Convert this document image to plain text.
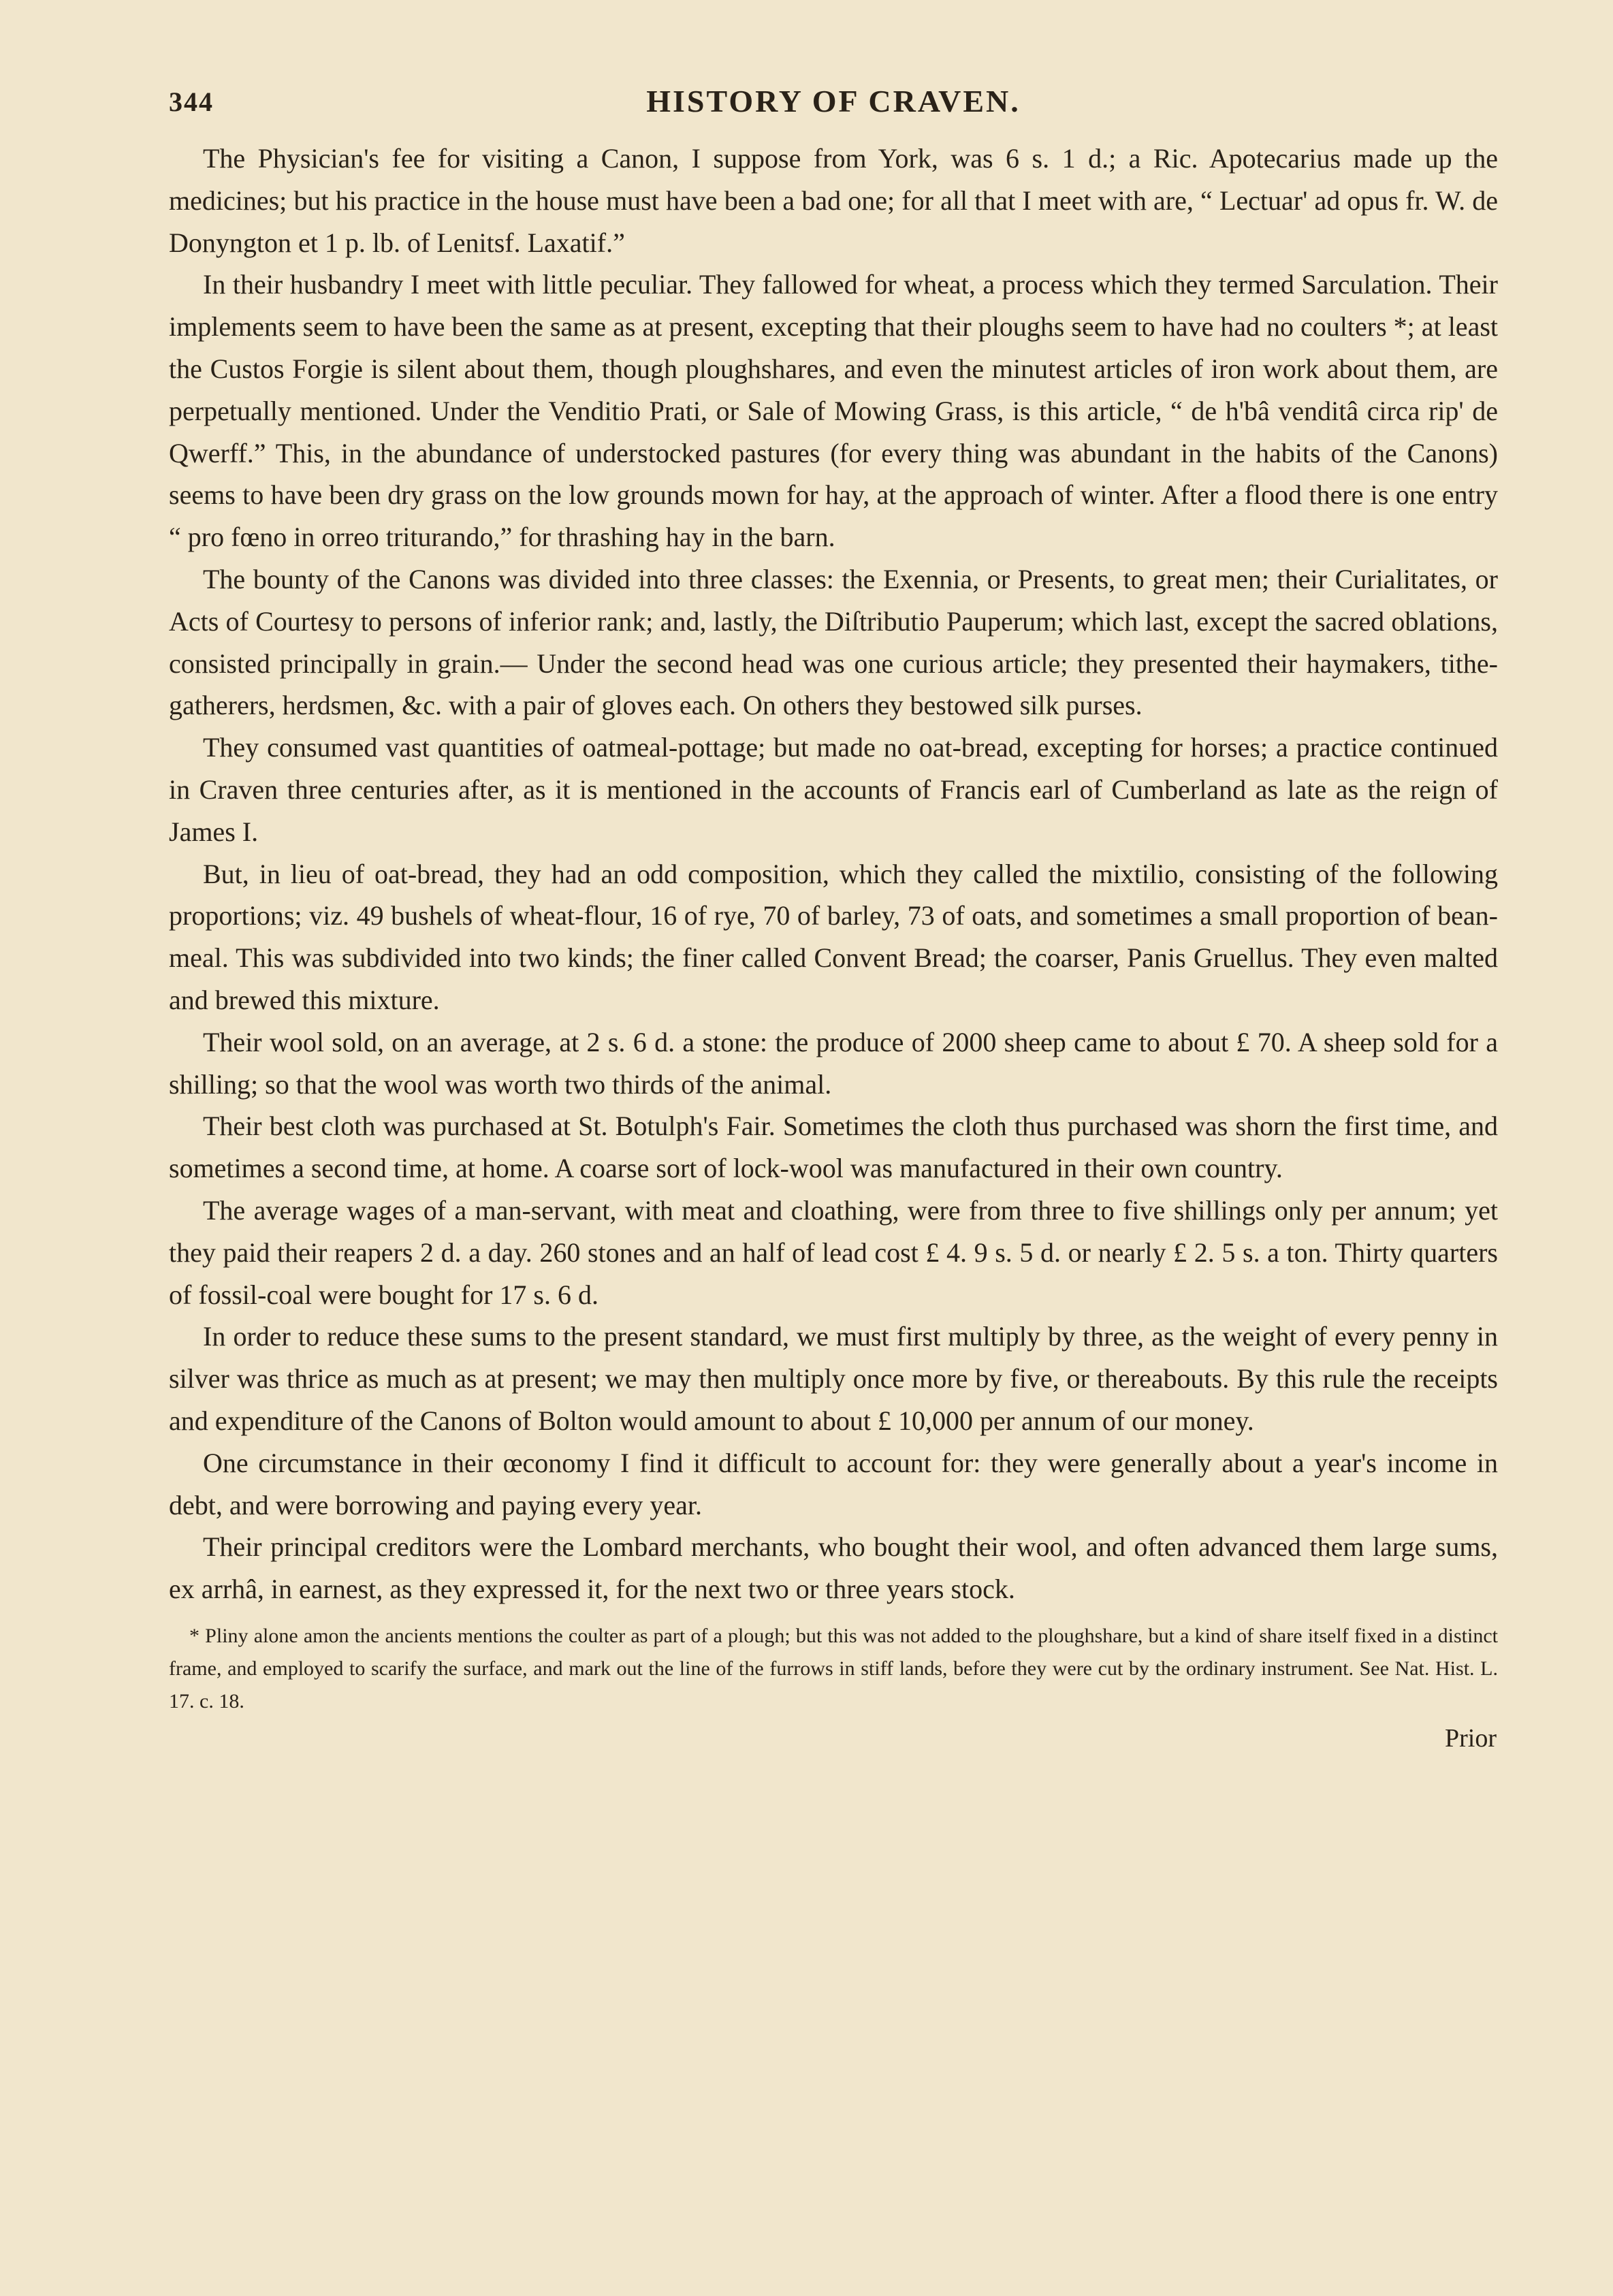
344	HISTORY OF CRAVEN.

The Physician's fee for visiting a Canon, I suppose from York, was 6 s. 1 d.; a Ric. Apotecarius made up the medicines; but his practice in the house must have been a bad one; for all that I meet with are, “ Lectuar' ad opus fr. W. de Donyngton et 1 p. lb. of Lenitsf. Laxatif.”

In their husbandry I meet with little peculiar. They fallowed for wheat, a process which they termed Sarculation. Their implements seem to have been the same as at present, excepting that their ploughs seem to have had no coulters *; at least the Custos Forgie is silent about them, though ploughshares, and even the minutest articles of iron work about them, are perpetually mentioned. Under the Venditio Prati, or Sale of Mowing Grass, is this article, “ de h'bâ venditâ circa rip' de Qwerff.” This, in the abundance of understocked pastures (for every thing was abundant in the habits of the Canons) seems to have been dry grass on the low grounds mown for hay, at the approach of winter. After a flood there is one entry “ pro fœno in orreo triturando,” for thrashing hay in the barn.

The bounty of the Canons was divided into three classes: the Exennia, or Presents, to great men; their Curialitates, or Acts of Courtesy to persons of inferior rank; and, lastly, the Diſtributio Pauperum; which last, except the sacred oblations, consisted principally in grain.— Under the second head was one curious article; they presented their haymakers, tithe-gatherers, herdsmen, &c. with a pair of gloves each. On others they bestowed silk purses.

They consumed vast quantities of oatmeal-pottage; but made no oat-bread, excepting for horses; a practice continued in Craven three centuries after, as it is mentioned in the accounts of Francis earl of Cumberland as late as the reign of James I.

But, in lieu of oat-bread, they had an odd composition, which they called the mixtilio, consisting of the following proportions; viz. 49 bushels of wheat-flour, 16 of rye, 70 of barley, 73 of oats, and sometimes a small proportion of bean-meal. This was subdivided into two kinds; the finer called Convent Bread; the coarser, Panis Gruellus. They even malted and brewed this mixture.

Their wool sold, on an average, at 2 s. 6 d. a stone: the produce of 2000 sheep came to about £ 70. A sheep sold for a shilling; so that the wool was worth two thirds of the animal.

Their best cloth was purchased at St. Botulph's Fair. Sometimes the cloth thus purchased was shorn the first time, and sometimes a second time, at home. A coarse sort of lock-wool was manufactured in their own country.

The average wages of a man-servant, with meat and cloathing, were from three to five shillings only per annum; yet they paid their reapers 2 d. a day. 260 stones and an half of lead cost £ 4. 9 s. 5 d. or nearly £ 2. 5 s. a ton. Thirty quarters of fossil-coal were bought for 17 s. 6 d.

In order to reduce these sums to the present standard, we must first multiply by three, as the weight of every penny in silver was thrice as much as at present; we may then multiply once more by five, or thereabouts. By this rule the receipts and expenditure of the Canons of Bolton would amount to about £ 10,000 per annum of our money.

One circumstance in their œconomy I find it difficult to account for: they were generally about a year's income in debt, and were borrowing and paying every year.

Their principal creditors were the Lombard merchants, who bought their wool, and often advanced them large sums, ex arrhâ, in earnest, as they expressed it, for the next two or three years stock.

* Pliny alone amon the ancients mentions the coulter as part of a plough; but this was not added to the ploughshare, but a kind of share itself fixed in a distinct frame, and employed to scarify the surface, and mark out the line of the furrows in stiff lands, before they were cut by the ordinary instrument. See Nat. Hist. L. 17. c. 18.
Prior
